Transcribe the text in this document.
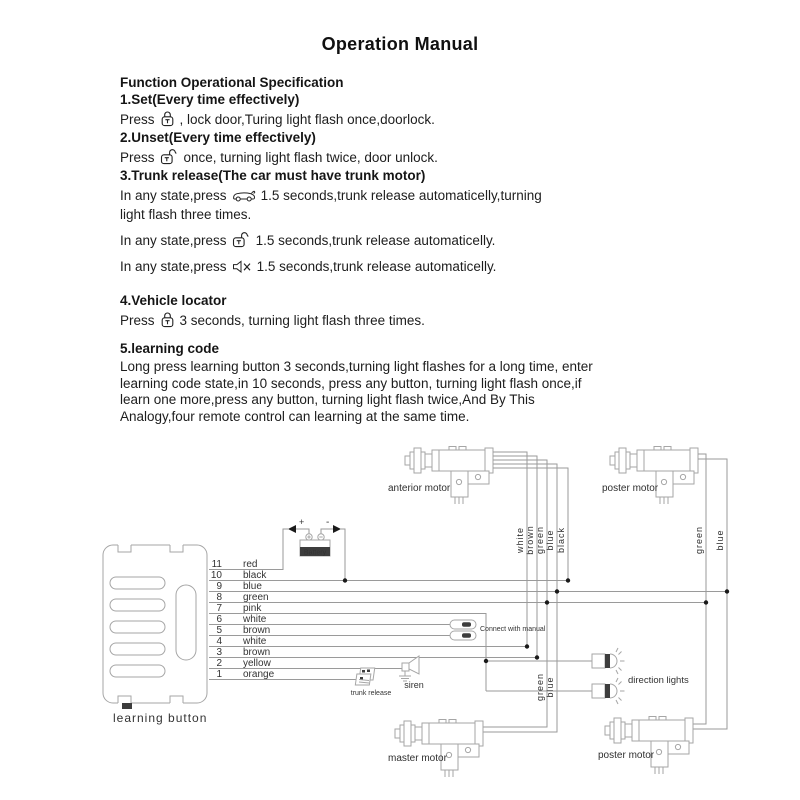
Operation Manual
Function Operational Specification
1.Set(Every time effectively)
Press , lock door,Turing light flash once,doorlock.
2.Unset(Every time effectively)
Press once, turning light flash twice, door unlock.
3.Trunk release(The car must have trunk motor)
In any state,press	1.5 seconds,trunk release automaticelly,turning
light flash three times.
In any state,press 1.5 seconds,trunk release automaticelly.
In any state,press 1.5 seconds,trunk release automaticelly.
4.Vehicle locator
Press 3 seconds, turning light flash three times.
5.learning code
Long press learning button 3 seconds,turning light flashes for a long time, enter
learning code state,in 10 seconds, press any button, turning light flash once,if
learn one more,press any button, turning light flash twice,And By This
Analogy,four remote control can learning at the same time.
learning button
11 red
10 black
9 blue
8 green
7 pink
6 white
5 brown
4 white
3 brown
2 yellow
1 orange
+ -
Battery
anterior motor
white brown green blue black
poster motor
green blue
master motor
green blue
poster motor
Connect with manual
direction lights
siren
trunk release
